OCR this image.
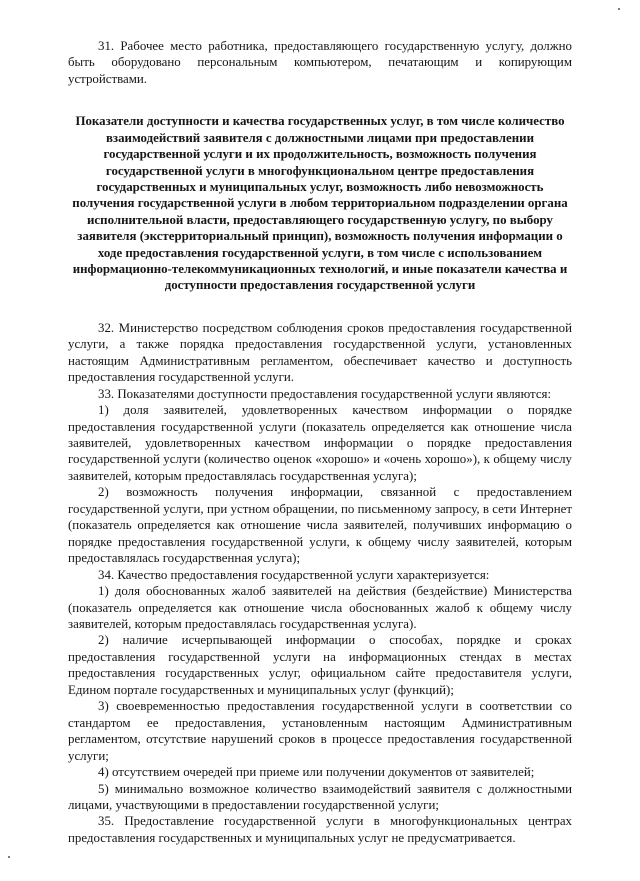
31. Рабочее место работника, предоставляющего государственную услугу, должно быть оборудовано персональным компьютером, печатающим и копирующим устройствами.

Показатели доступности и качества государственных услуг, в том числе количество взаимодействий заявителя с должностными лицами при предоставлении государственной услуги и их продолжительность, возможность получения государственной услуги в многофункциональном центре предоставления государственных и муниципальных услуг, возможность либо невозможность получения государственной услуги в любом территориальном подразделении органа исполнительной власти, предоставляющего государственную услугу, по выбору заявителя (экстерриториальный принцип), возможность получения информации о ходе предоставления государственной услуги, в том числе с использованием информационно-телекоммуникационных технологий, и иные показатели качества и доступности предоставления государственной услуги

32. Министерство посредством соблюдения сроков предоставления государственной услуги, а также порядка предоставления государственной услуги, установленных настоящим Административным регламентом, обеспечивает качество и доступность предоставления государственной услуги.

33. Показателями доступности предоставления государственной услуги являются:

1) доля заявителей, удовлетворенных качеством информации о порядке предоставления государственной услуги (показатель определяется как отношение числа заявителей, удовлетворенных качеством информации о порядке предоставления государственной услуги (количество оценок «хорошо» и «очень хорошо»), к общему числу заявителей, которым предоставлялась государственная услуга);

2) возможность получения информации, связанной с предоставлением государственной услуги, при устном обращении, по письменному запросу, в сети Интернет (показатель определяется как отношение числа заявителей, получивших информацию о порядке предоставления государственной услуги, к общему числу заявителей, которым предоставлялась государственная услуга);

34. Качество предоставления государственной услуги характеризуется:

1) доля обоснованных жалоб заявителей на действия (бездействие) Министерства (показатель определяется как отношение числа обоснованных жалоб к общему числу заявителей, которым предоставлялась государственная услуга).

2) наличие исчерпывающей информации о способах, порядке и сроках предоставления государственной услуги на информационных стендах в местах предоставления государственных услуг, официальном сайте предоставителя услуги, Едином портале государственных и муниципальных услуг (функций);

3) своевременностью предоставления государственной услуги в соответствии со стандартом ее предоставления, установленным настоящим Административным регламентом, отсутствие нарушений сроков в процессе предоставления государственной услуги;

4) отсутствием очередей при приеме или получении документов от заявителей;

5) минимально возможное количество взаимодействий заявителя с должностными лицами, участвующими в предоставлении государственной услуги;

35. Предоставление государственной услуги в многофункциональных центрах предоставления государственных и муниципальных услуг не предусматривается.
